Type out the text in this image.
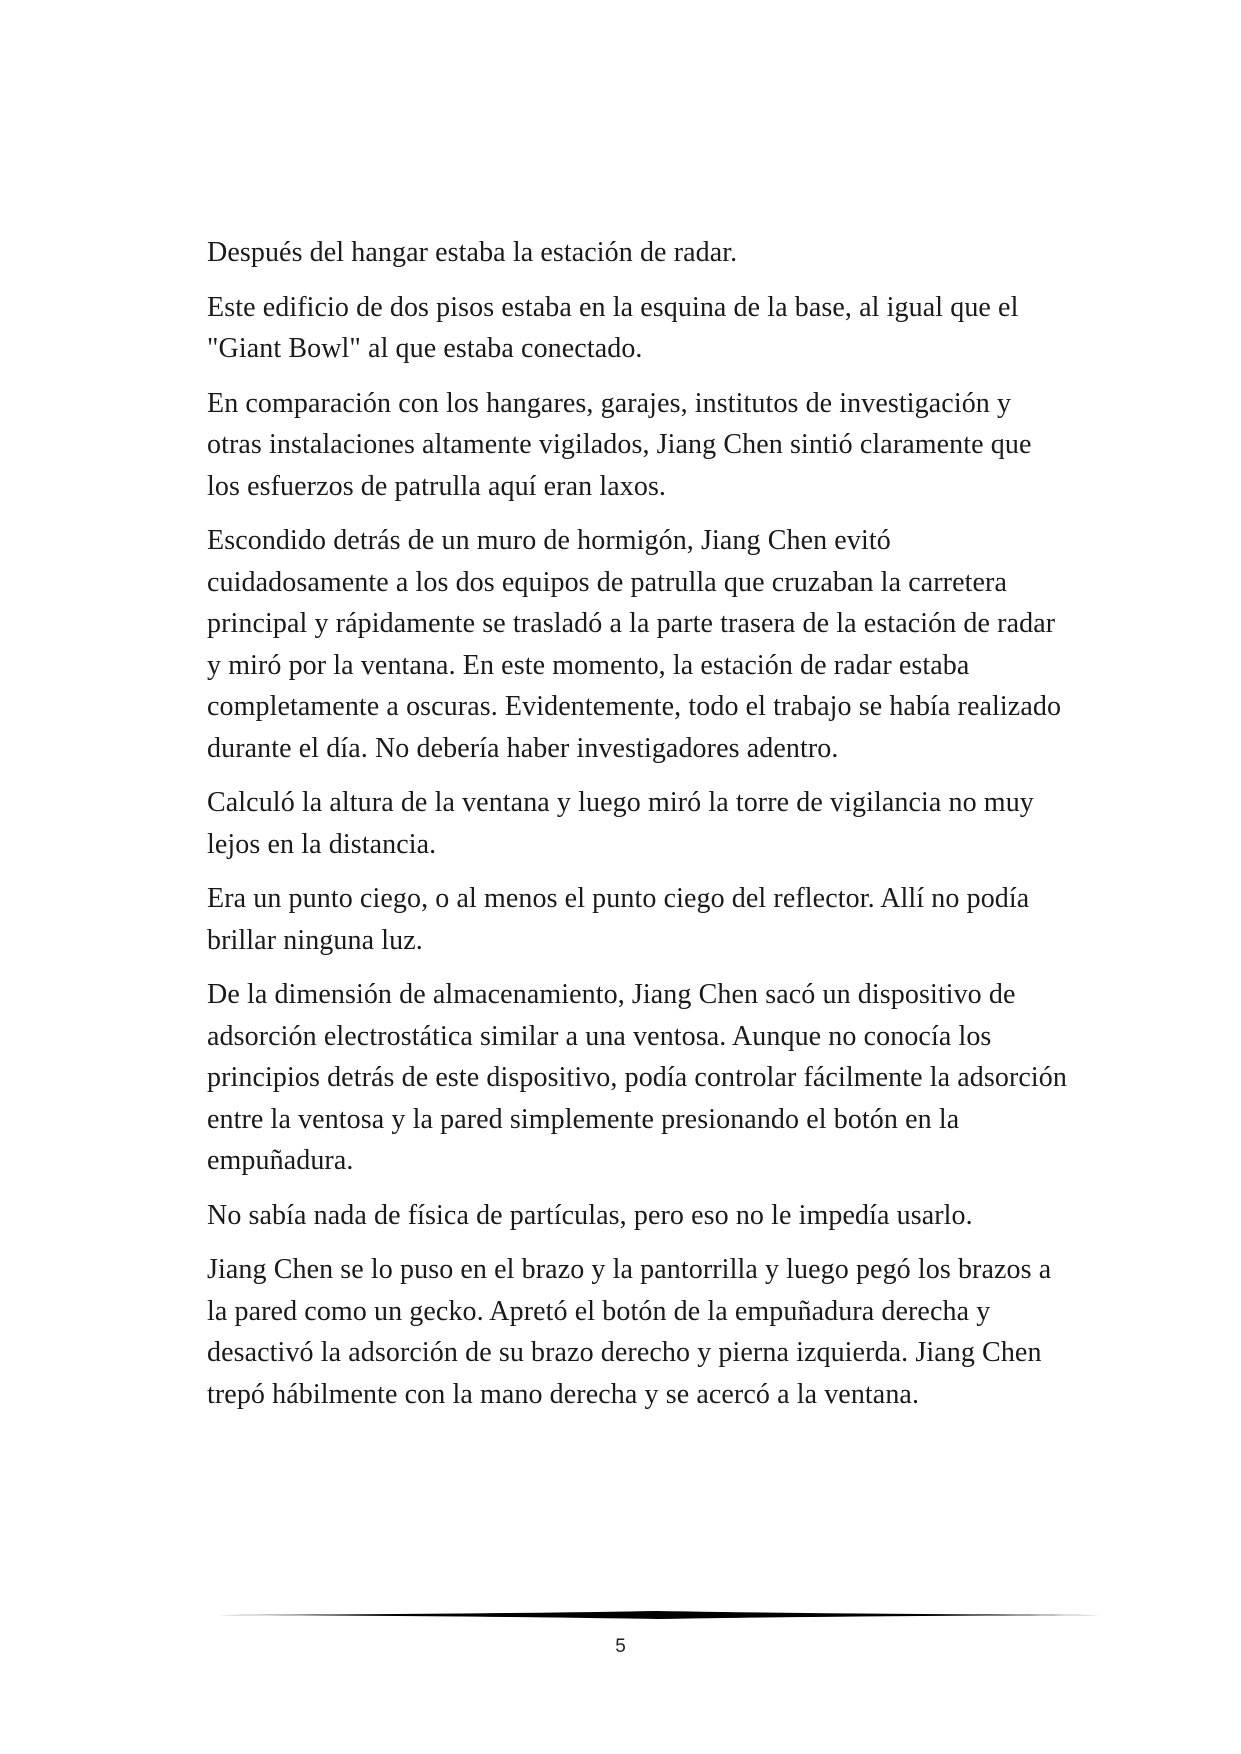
Después del hangar estaba la estación de radar.

Este edificio de dos pisos estaba en la esquina de la base, al igual que el "Giant Bowl" al que estaba conectado.

En comparación con los hangares, garajes, institutos de investigación y otras instalaciones altamente vigilados, Jiang Chen sintió claramente que los esfuerzos de patrulla aquí eran laxos.

Escondido detrás de un muro de hormigón, Jiang Chen evitó cuidadosamente a los dos equipos de patrulla que cruzaban la carretera principal y rápidamente se trasladó a la parte trasera de la estación de radar y miró por la ventana. En este momento, la estación de radar estaba completamente a oscuras. Evidentemente, todo el trabajo se había realizado durante el día. No debería haber investigadores adentro.

Calculó la altura de la ventana y luego miró la torre de vigilancia no muy lejos en la distancia.

Era un punto ciego, o al menos el punto ciego del reflector. Allí no podía brillar ninguna luz.

De la dimensión de almacenamiento, Jiang Chen sacó un dispositivo de adsorción electrostática similar a una ventosa. Aunque no conocía los principios detrás de este dispositivo, podía controlar fácilmente la adsorción entre la ventosa y la pared simplemente presionando el botón en la empuñadura.

No sabía nada de física de partículas, pero eso no le impedía usarlo.

Jiang Chen se lo puso en el brazo y la pantorrilla y luego pegó los brazos a la pared como un gecko. Apretó el botón de la empuñadura derecha y desactivó la adsorción de su brazo derecho y pierna izquierda. Jiang Chen trepó hábilmente con la mano derecha y se acercó a la ventana.

5
